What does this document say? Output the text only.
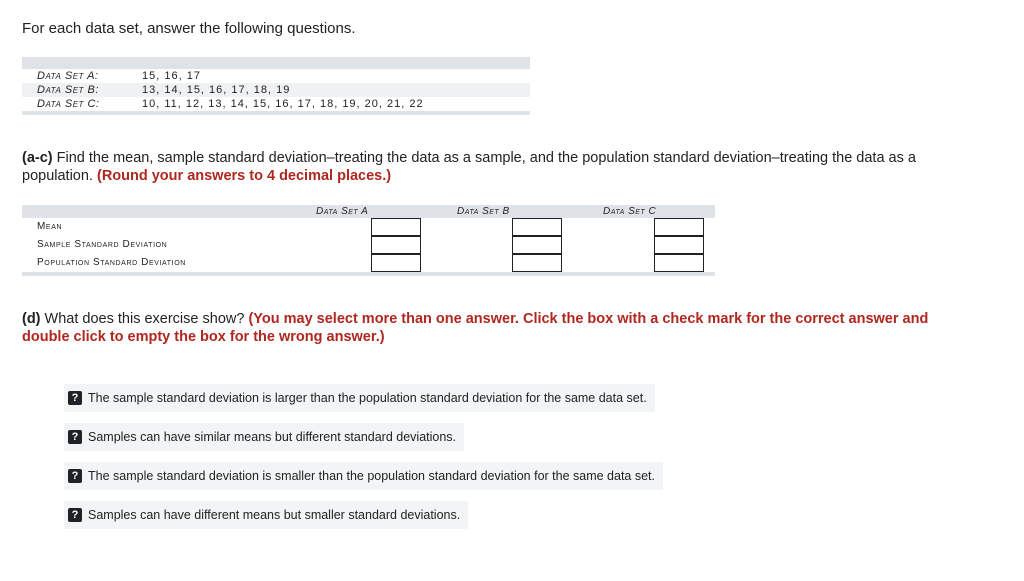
For each data set, answer the following questions.
Data Set A:	15, 16, 17
Data Set B:	13, 14, 15, 16, 17, 18, 19
Data Set C:	10, 11, 12, 13, 14, 15, 16, 17, 18, 19, 20, 21, 22
(a-c) Find the mean, sample standard deviation–treating the data as a sample, and the population standard deviation–treating the data as a population. (Round your answers to 4 decimal places.)
Data Set A	Data Set B	Data Set C
Mean
Sample Standard Deviation
Population Standard Deviation
(d) What does this exercise show? (You may select more than one answer. Click the box with a check mark for the correct answer and double click to empty the box for the wrong answer.)
? The sample standard deviation is larger than the population standard deviation for the same data set.
? Samples can have similar means but different standard deviations.
? The sample standard deviation is smaller than the population standard deviation for the same data set.
? Samples can have different means but smaller standard deviations.
